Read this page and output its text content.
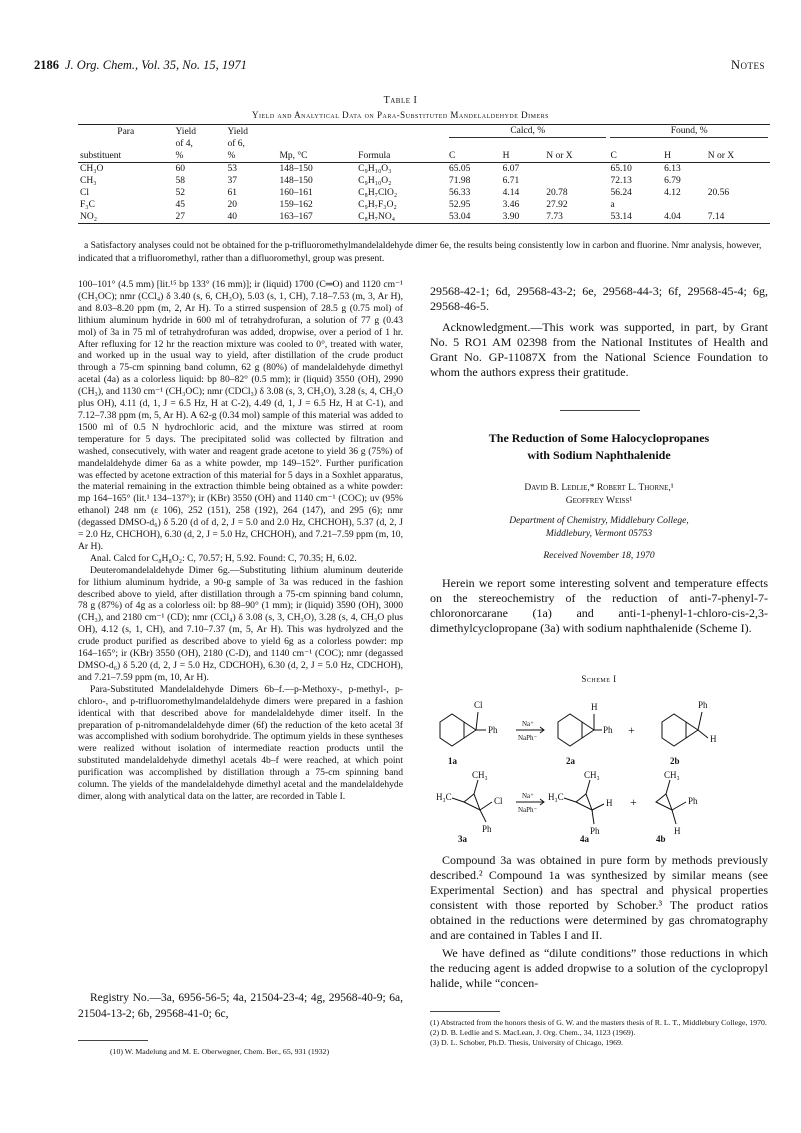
2186 J. Org. Chem., Vol. 35, No. 15, 1971	Notes
Table I
Yield and Analytical Data on Para-Substituted Mandelaldehyde Dimers
Para	Yield	Yield			Calcd, %			Found, %		

	of 4,	of 6,								
substituent	%	%	Mp, °C	Formula	C	H	N or X	C	H	N or X
CH₃O	60	53	148–150	C₉H₁₀O₃	65.05	6.07		65.10	6.13	
CH₃	58	37	148–150	C₉H₁₀O₂	71.98	6.71		72.13	6.79	
Cl	52	61	160–161	C₈H₇ClO₂	56.33	4.14	20.78	56.24	4.12	20.56
F₃C	45	20	159–162	C₉H₇F₃O₂	52.95	3.46	27.92	a		
NO₂	27	40	163–167	C₈H₇NO₄	53.04	3.90	7.73	53.14	4.04	7.14
a Satisfactory analyses could not be obtained for the p-trifluoromethylmandelaldehyde dimer 6e, the results being consistently low in carbon and fluorine. Nmr analysis, however, indicated that a trifluoromethyl, rather than a difluoromethyl, group was present.

100–101° (4.5 mm) [lit.¹⁵ bp 133° (16 mm)]; ir (liquid) 1700 (C═O) and 1120 cm⁻¹ (CH₃OC); nmr (CCl₄) δ 3.40 (s, 6, CH₃O), 5.03 (s, 1, CH), 7.18–7.53 (m, 3, Ar H), and 8.03–8.20 ppm (m, 2, Ar H). To a stirred suspension of 28.5 g (0.75 mol) of lithium aluminum hydride in 600 ml of tetrahydrofuran, a solution of 77 g (0.43 mol) of 3a in 75 ml of tetrahydrofuran was added, dropwise, over a period of 1 hr. After refluxing for 12 hr the reaction mixture was cooled to 0°, treated with water, and worked up in the usual way to yield, after distillation of the crude product through a 75-cm spinning band column, 62 g (80%) of mandelaldehyde dimethyl acetal (4a) as a colorless liquid: bp 80–82° (0.5 mm); ir (liquid) 3550 (OH), 2990 (CH₃), and 1130 cm⁻¹ (CH₃OC); nmr (CDCl₃) δ 3.08 (s, 3, CH₃O), 3.28 (s, 4, CH₃O plus OH), 4.11 (d, 1, J = 6.5 Hz, H at C-2), 4.49 (d, 1, J = 6.5 Hz, H at C-1), and 7.12–7.38 ppm (m, 5, Ar H). A 62-g (0.34 mol) sample of this material was added to 1500 ml of 0.5 N hydrochloric acid, and the mixture was stirred at room temperature for 5 days. The precipitated solid was collected by filtration and washed, consecutively, with water and reagent grade acetone to yield 36 g (75%) of mandelaldehyde dimer 6a as a white powder, mp 149–152°. Further purification was effected by acetone extraction of this material for 5 days in a Soxhlet apparatus, the material remaining in the extraction thimble being obtained as a white powder: mp 164–165° (lit.¹ 134–137°); ir (KBr) 3550 (OH) and 1140 cm⁻¹ (COC); uv (95% ethanol) 248 nm (ε 106), 252 (151), 258 (192), 264 (147), and 295 (6); nmr (degassed DMSO-d₆) δ 5.20 (d of d, 2, J = 5.0 and 2.0 Hz, CHCHOH), 5.37 (d, 2, J = 2.0 Hz, CHCHOH), 6.30 (d, 2, J = 5.0 Hz, CHCHOH), and 7.21–7.59 ppm (m, 10, Ar H).

Anal. Calcd for C₈H₈O₂: C, 70.57; H, 5.92. Found: C, 70.35; H, 6.02.

Deuteromandelaldehyde Dimer 6g.—Substituting lithium aluminum deuteride for lithium aluminum hydride, a 90-g sample of 3a was reduced in the fashion described above to yield, after distillation through a 75-cm spinning band column, 78 g (87%) of 4g as a colorless oil: bp 88–90° (1 mm); ir (liquid) 3590 (OH), 3000 (CH₃), and 2180 cm⁻¹ (CD); nmr (CCl₄) δ 3.08 (s, 3, CH₃O), 3.28 (s, 4, CH₃O plus OH), 4.12 (s, 1, CH), and 7.10–7.37 (m, 5, Ar H). This was hydrolyzed and the crude product purified as described above to yield 6g as a colorless powder: mp 164–165°; ir (KBr) 3550 (OH), 2180 (C-D), and 1140 cm⁻¹ (COC); nmr (degassed DMSO-d₆) δ 5.20 (d, 2, J = 5.0 Hz, CDCHOH), 6.30 (d, 2, J = 5.0 Hz, CDCHOH), and 7.21–7.59 ppm (m, 10, Ar H).

Para-Substituted Mandelaldehyde Dimers 6b–f.—p-Methoxy-, p-methyl-, p-chloro-, and p-trifluoromethylmandelaldehyde dimers were prepared in a fashion identical with that described above for mandelaldehyde dimer itself. In the preparation of p-nitromandelaldehyde dimer (6f) the reduction of the keto acetal 3f was accomplished with sodium borohydride. The optimum yields in these syntheses were realized without isolation of intermediate reaction products until the substituted mandelaldehyde dimethyl acetals 4b–f were reached, at which point purification was accomplished by distillation through a 75-cm spinning band column. The yields of the mandelaldehyde dimethyl acetal and the mandelaldehyde dimer, along with analytical data on the latter, are recorded in Table I.

Registry No.—3a, 6956-56-5; 4a, 21504-23-4; 4g, 29568-40-9; 6a, 21504-13-2; 6b, 29568-41-0; 6c,
(10) W. Madelung and M. E. Oberwegner, Chem. Ber., 65, 931 (1932)

29568-42-1; 6d, 29568-43-2; 6e, 29568-44-3; 6f, 29568-45-4; 6g, 29568-46-5.

Acknowledgment.—This work was supported, in part, by Grant No. 5 RO1 AM 02398 from the National Institutes of Health and Grant No. GP-11087X from the National Science Foundation to whom the authors express their gratitude.

The Reduction of Some Halocyclopropanes
with Sodium Naphthalenide
David B. Ledlie,* Robert L. Thorne,¹
Geoffrey Weiss¹
Department of Chemistry, Middlebury College,
Middlebury, Vermont 05753
Received November 18, 1970

Herein we report some interesting solvent and temperature effects on the stereochemistry of the reduction of anti-7-phenyl-7-chloronorcarane (1a) and anti-1-phenyl-1-chloro-cis-2,3-dimethylcyclopropane (3a) with sodium naphthalenide (Scheme I).

Scheme I
Cl
Ph
Na⁺
NaPh⁻
H
Ph +
Ph
H
1a	2a	2b
CH₃
H₃C	Cl
Ph
Na⁺
NaPh⁻
CH₃
H₃C
H
Ph
+
CH₃
Ph
H
3a	4a	4b

Compound 3a was obtained in pure form by methods previously described.² Compound 1a was synthesized by similar means (see Experimental Section) and has spectral and physical properties consistent with those reported by Schober.³ The product ratios obtained in the reductions were determined by gas chromatography and are contained in Tables I and II.

We have defined as “dilute conditions” those reductions in which the reducing agent is added dropwise to a solution of the cyclopropyl halide, while “concen-

(1) Abstracted from the honors thesis of G. W. and the masters thesis of R. L. T., Middlebury College, 1970.
(2) D. B. Ledlie and S. MacLean, J. Org. Chem., 34, 1123 (1969).
(3) D. L. Schober, Ph.D. Thesis, University of Chicago, 1969.
